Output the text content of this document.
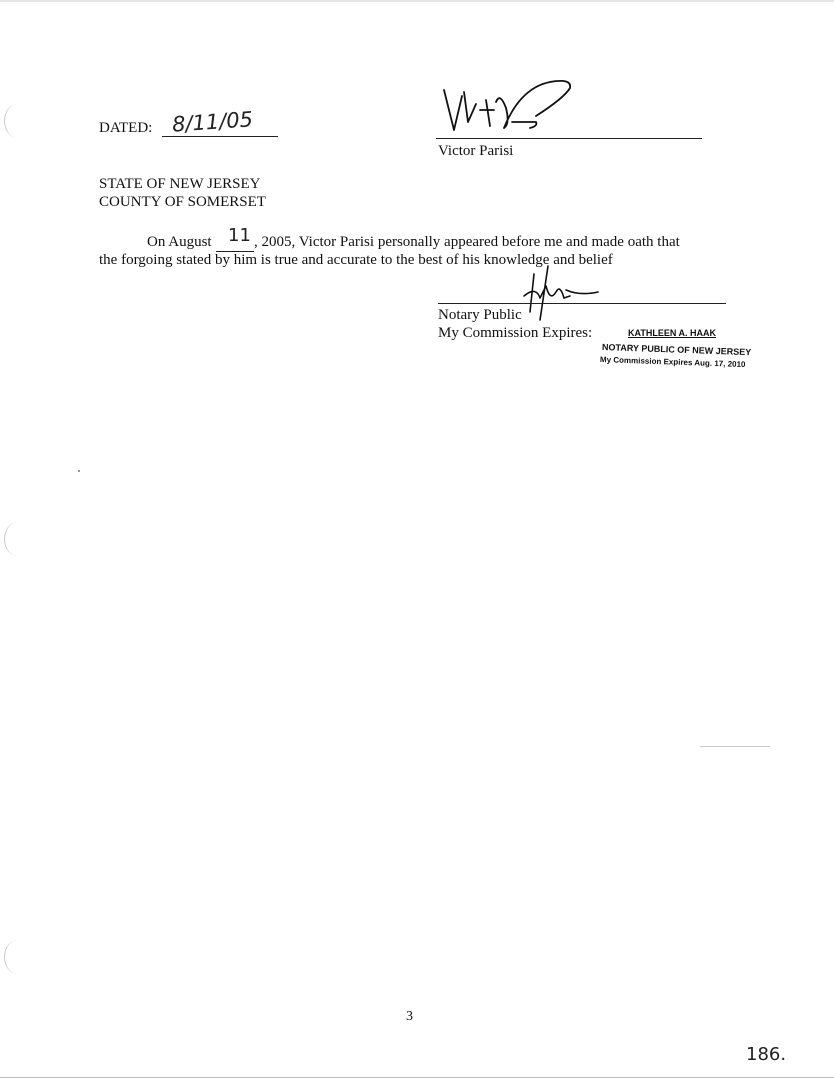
DATED: 8/11/05
Victor Parisi
STATE OF NEW JERSEY
COUNTY OF SOMERSET
On August 11 , 2005, Victor Parisi personally appeared before me and made oath that
the forgoing stated by him is true and accurate to the best of his knowledge and belief
Notary Public
My Commission Expires:	KATHLEEN A. HAAK
NOTARY PUBLIC OF NEW JERSEY
My Commission Expires Aug. 17, 2010
3
186.
